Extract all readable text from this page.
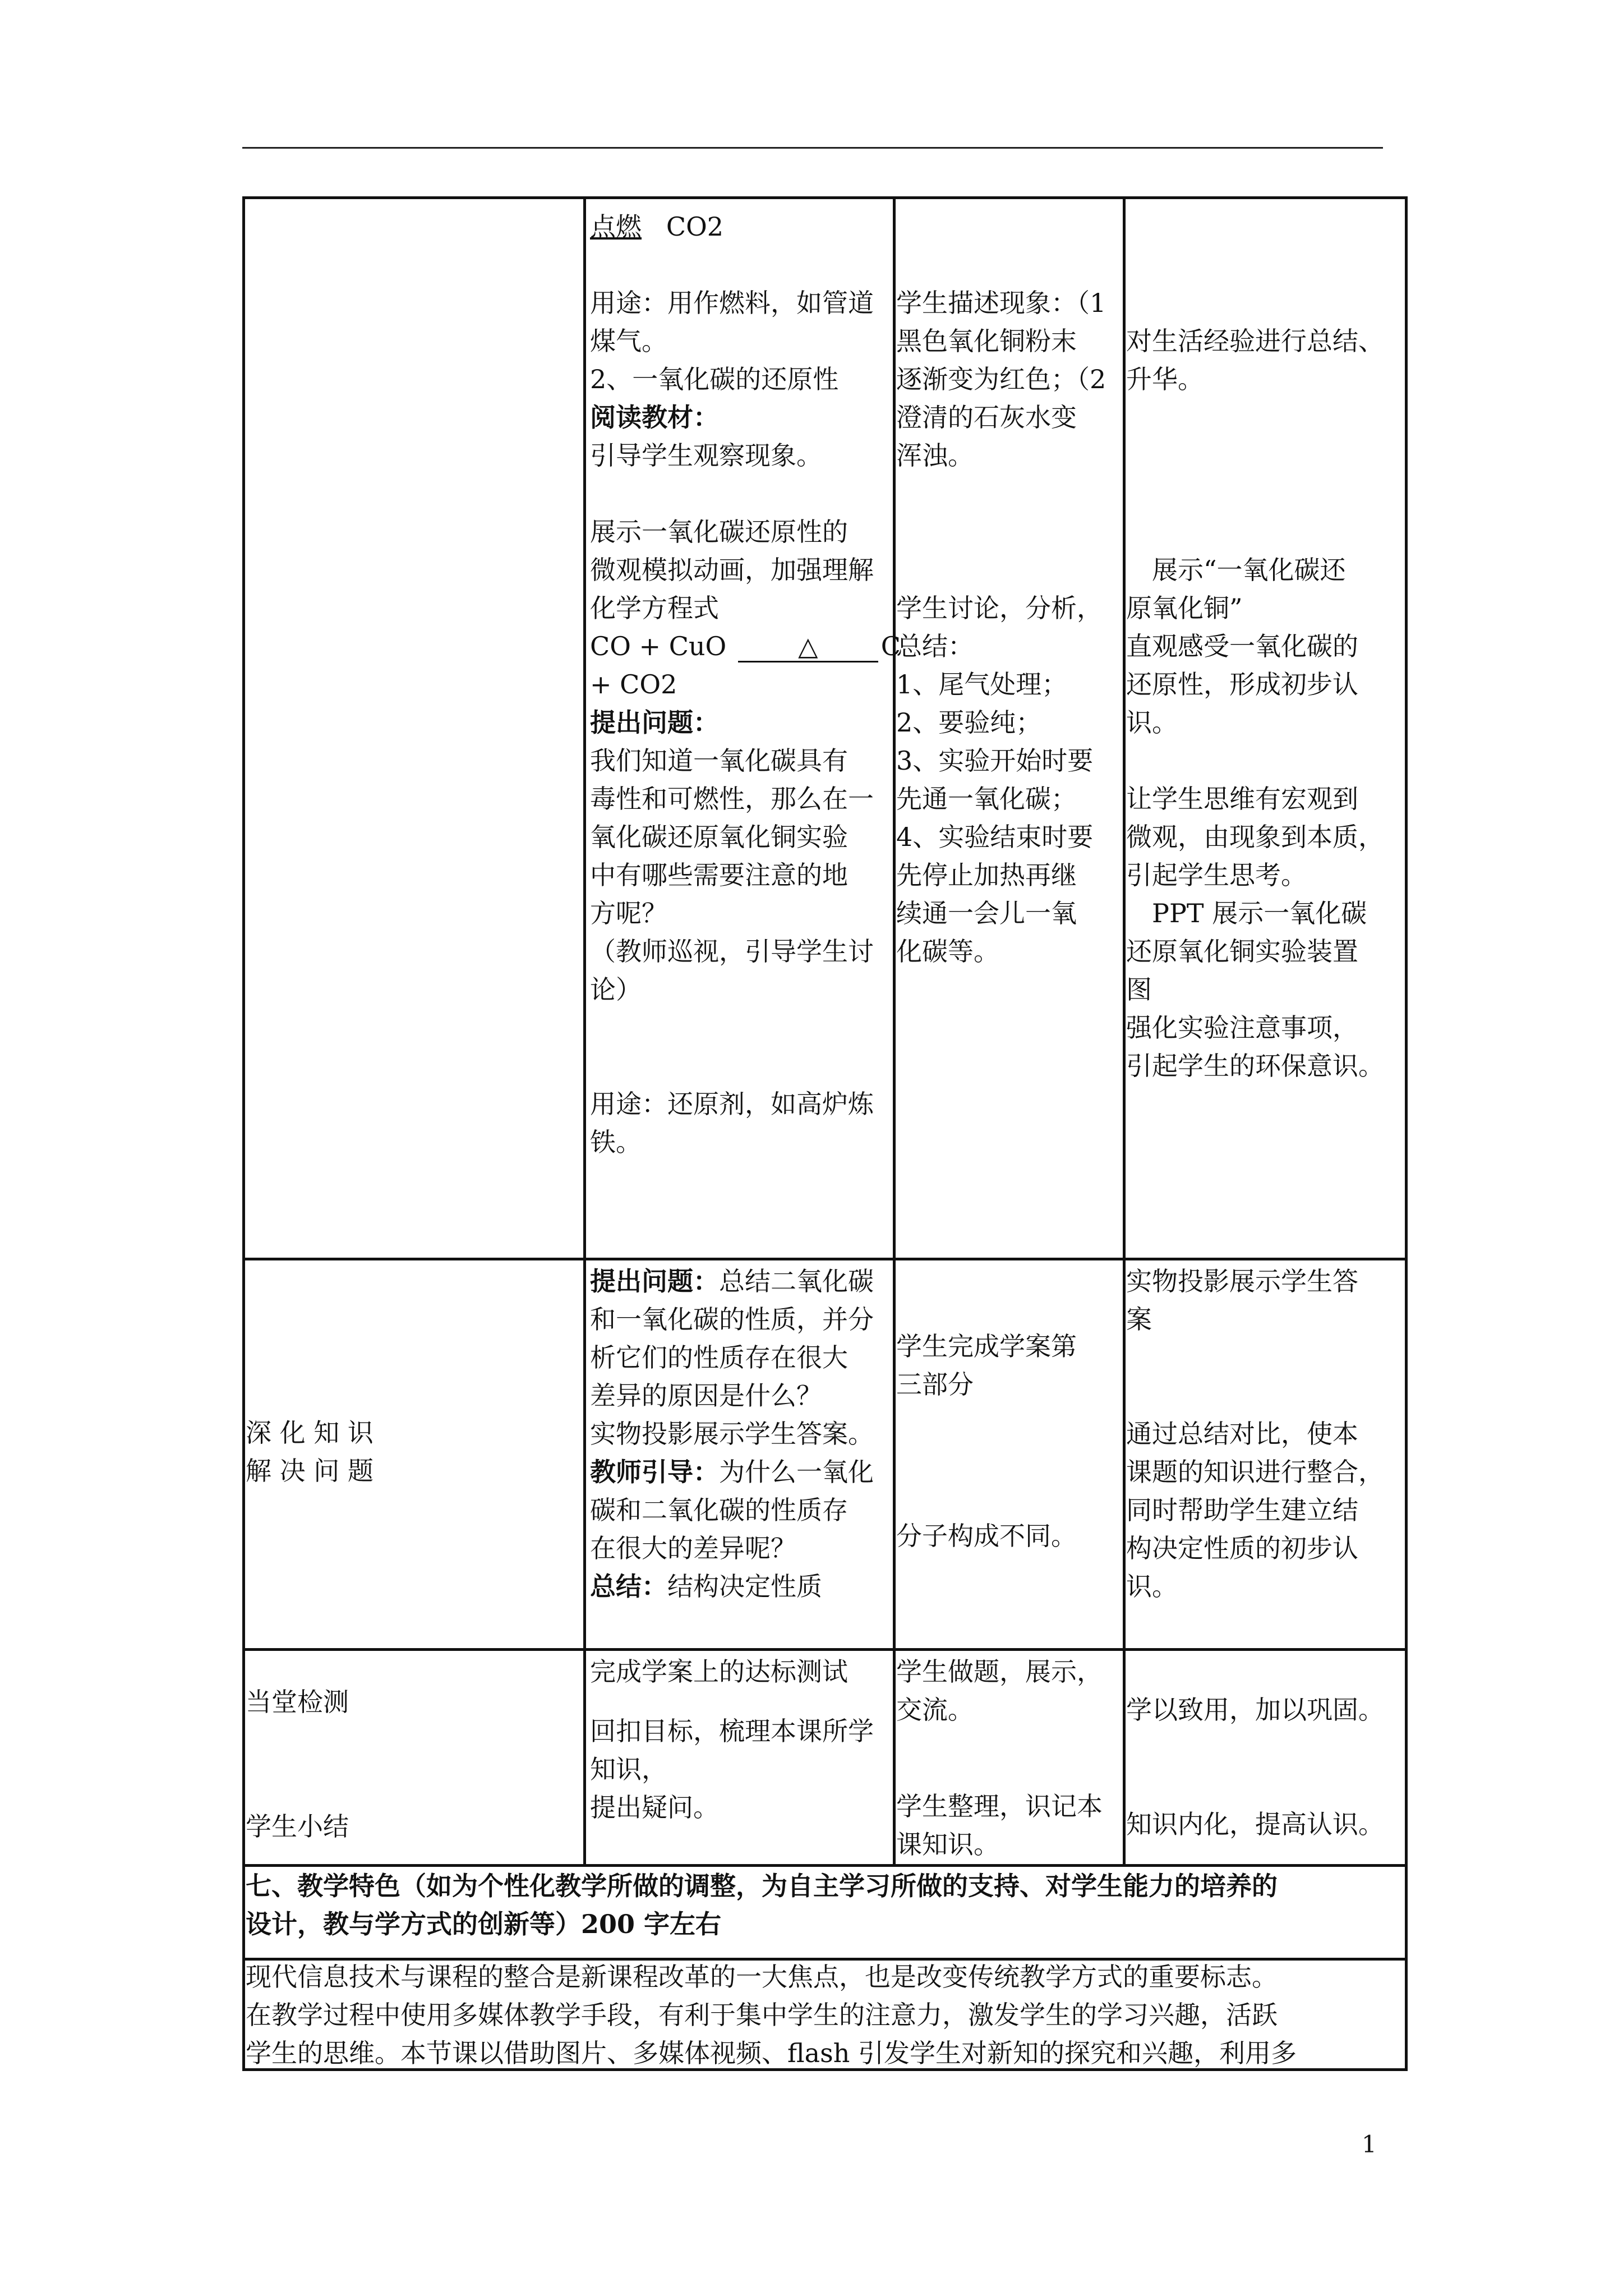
点燃 CO2
用途：用作燃料，如管道
煤气。
2、一氧化碳的还原性
阅读教材：
引导学生观察现象。
展示一氧化碳还原性的
微观模拟动画，加强理解
化学方程式
CO + CuO	△ C
+ CO2
提出问题：
我们知道一氧化碳具有
毒性和可燃性，那么在一
氧化碳还原氧化铜实验
中有哪些需要注意的地
方呢？
（教师巡视，引导学生讨
论）
用途：还原剂，如高炉炼
铁。
学生描述现象：（1
黑色氧化铜粉末
逐渐变为红色；（2
澄清的石灰水变
浑浊。
学生讨论，分析，
总结：
1、尾气处理；
2、要验纯；
3、实验开始时要
先通一氧化碳；
4、实验结束时要
先停止加热再继
续通一会儿一氧
化碳等。
对生活经验进行总结、
升华。
展示“一氧化碳还
原氧化铜”
直观感受一氧化碳的
还原性，形成初步认
识。
让学生思维有宏观到
微观，由现象到本质，
引起学生思考。
PPT 展示一氧化碳
还原氧化铜实验装置
图
强化实验注意事项，
引起学生的环保意识。
深 化 知 识
解 决 问 题
提出问题：总结二氧化碳
和一氧化碳的性质，并分
析它们的性质存在很大
差异的原因是什么？
实物投影展示学生答案。
教师引导：为什么一氧化
碳和二氧化碳的性质存
在很大的差异呢？
总结：结构决定性质
学生完成学案第
三部分
分子构成不同。
实物投影展示学生答
案
通过总结对比，使本
课题的知识进行整合，
同时帮助学生建立结
构决定性质的初步认
识。
当堂检测
学生小结
完成学案上的达标测试
回扣目标，梳理本课所学
知识，
提出疑问。
学生做题，展示，
交流。
学生整理，识记本
课知识。
学以致用，加以巩固。
知识内化，提高认识。
七、教学特色（如为个性化教学所做的调整，为自主学习所做的支持、对学生能力的培养的
设计，教与学方式的创新等）200 字左右
现代信息技术与课程的整合是新课程改革的一大焦点，也是改变传统教学方式的重要标志。
在教学过程中使用多媒体教学手段，有利于集中学生的注意力，激发学生的学习兴趣，活跃
学生的思维。本节课以借助图片、多媒体视频、flash 引发学生对新知的探究和兴趣，利用多
1
